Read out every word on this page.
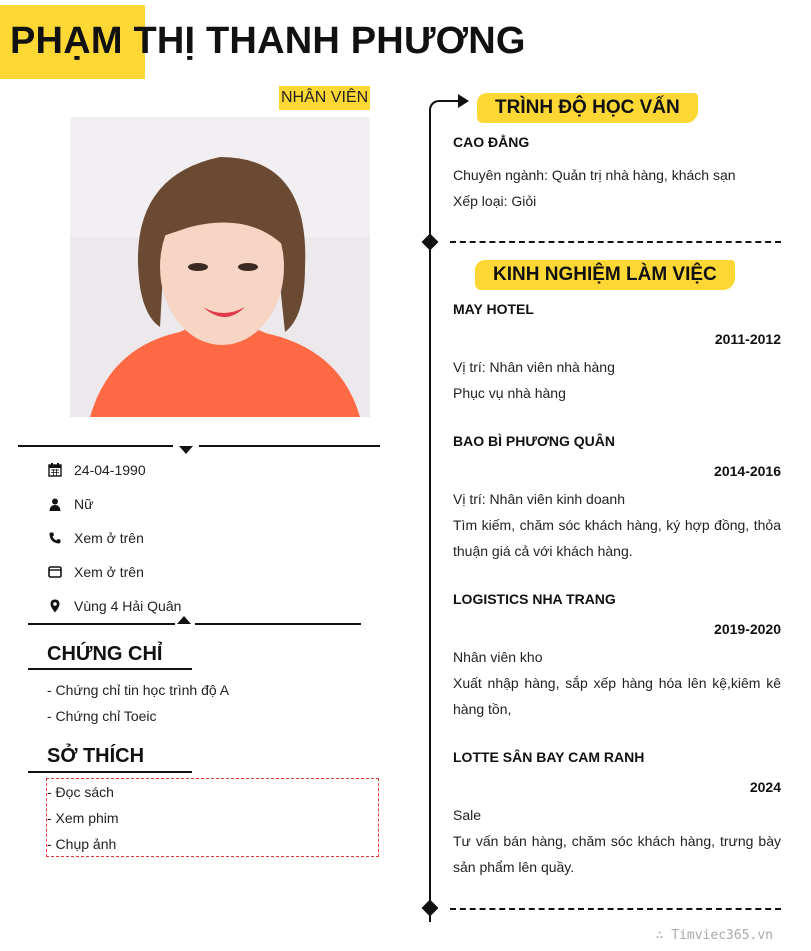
PHẠM THỊ THANH PHƯƠNG
NHÂN VIÊN
24-04-1990
Nữ
Xem ở trên
Xem ở trên
Vùng 4 Hải Quân
CHỨNG CHỈ
- Chứng chỉ tin học trình độ A
- Chứng chỉ Toeic
SỞ THÍCH
- Đọc sách
- Xem phim
- Chụp ảnh
TRÌNH ĐỘ HỌC VẤN
CAO ĐẲNG
Chuyên ngành: Quản trị nhà hàng, khách sạn
Xếp loại: Giỏi
KINH NGHIỆM LÀM VIỆC
MAY HOTEL
2011-2012
Vị trí: Nhân viên nhà hàng
Phục vụ nhà hàng
BAO BÌ PHƯƠNG QUÂN
2014-2016
Vị trí: Nhân viên kinh doanh
Tìm kiếm, chăm sóc khách hàng, ký hợp đồng, thỏa thuận giá cả với khách hàng.
LOGISTICS NHA TRANG
2019-2020
Nhân viên kho
Xuất nhập hàng, sắp xếp hàng hóa lên kệ,kiêm kê hàng tồn,
LOTTE SÂN BAY CAM RANH
2024
Sale
Tư vấn bán hàng, chăm sóc khách hàng, trưng bày sản phẩm lên quầy.
∴ Timviec365.vn
